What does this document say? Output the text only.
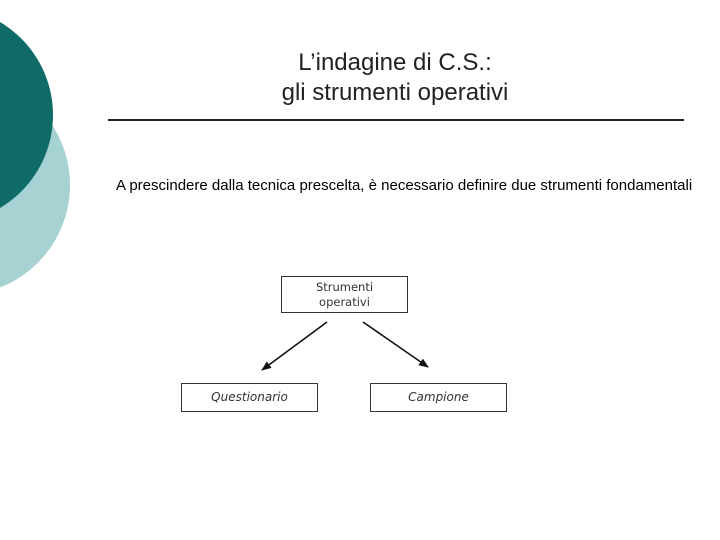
L’indagine di C.S.:
gli strumenti operativi
A prescindere dalla tecnica prescelta, è necessario definire due strumenti fondamentali
Strumenti
operativi
Questionario	Campione
